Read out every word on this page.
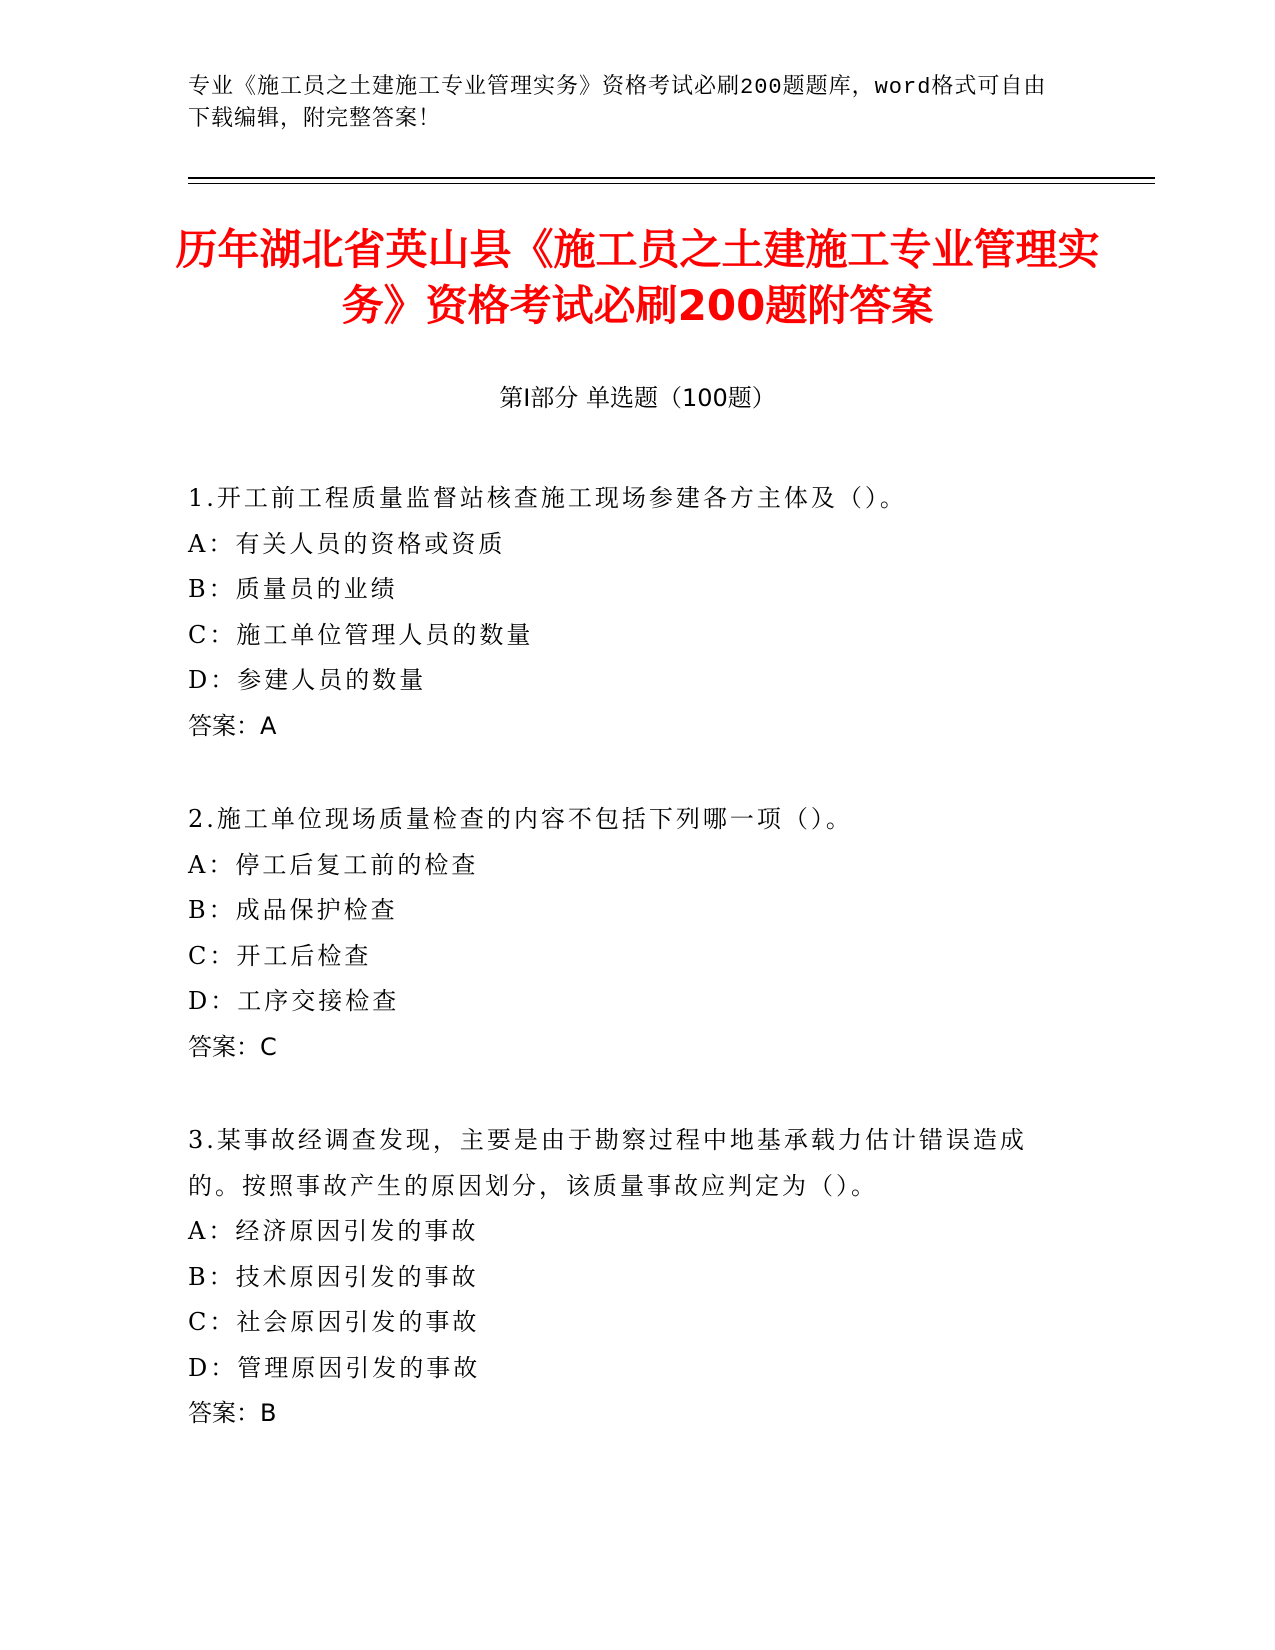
专业《施工员之土建施工专业管理实务》资格考试必刷200题题库，word格式可自由下载编辑，附完整答案！
历年湖北省英山县《施工员之土建施工专业管理实务》资格考试必刷200题附答案
第Ⅰ部分 单选题（100题）
1.开工前工程质量监督站核查施工现场参建各方主体及（）。
A：有关人员的资格或资质
B：质量员的业绩
C：施工单位管理人员的数量
D：参建人员的数量
答案：A
2.施工单位现场质量检查的内容不包括下列哪一项（）。
A：停工后复工前的检查
B：成品保护检查
C：开工后检查
D：工序交接检查
答案：C
3.某事故经调查发现，主要是由于勘察过程中地基承载力估计错误造成的。按照事故产生的原因划分，该质量事故应判定为（）。
A：经济原因引发的事故
B：技术原因引发的事故
C：社会原因引发的事故
D：管理原因引发的事故
答案：B
